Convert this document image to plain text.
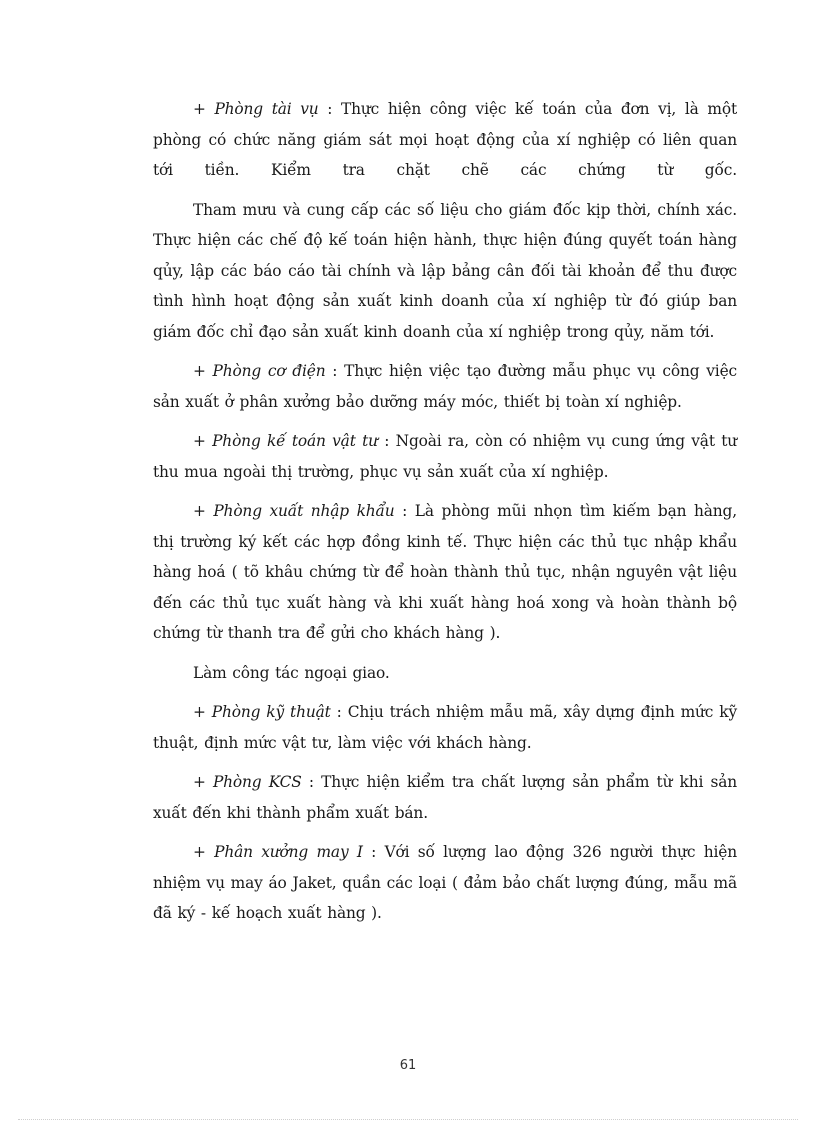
+ Phòng tài vụ : Thực hiện công việc kế toán của đơn vị, là một phòng có chức năng giám sát mọi hoạt động của xí nghiệp có liên quan tới tiền. Kiểm tra chặt chẽ các chứng từ gốc.

Tham mưu và cung cấp các số liệu cho giám đốc kịp thời, chính xác. Thực hiện các chế độ kế toán hiện hành, thực hiện đúng quyết toán hàng qủy, lập các báo cáo tài chính và lập bảng cân đối tài khoản để thu được tình hình hoạt động sản xuất kinh doanh của xí nghiệp từ đó giúp ban giám đốc chỉ đạo sản xuất kinh doanh của xí nghiệp trong qủy, năm tới.

+ Phòng cơ điện : Thực hiện việc tạo đường mẫu phục vụ công việc sản xuất ở phân xưởng bảo dưỡng máy móc, thiết bị toàn xí nghiệp.

+ Phòng kế toán vật tư : Ngoài ra, còn có nhiệm vụ cung ứng vật tư thu mua ngoài thị trường, phục vụ sản xuất của xí nghiệp.

+ Phòng xuất nhập khẩu : Là phòng mũi nhọn tìm kiếm bạn hàng, thị trường ký kết các hợp đồng kinh tế. Thực hiện các thủ tục nhập khẩu hàng hoá ( tõ khâu chứng từ để hoàn thành thủ tục, nhận nguyên vật liệu đến các thủ tục xuất hàng và khi xuất hàng hoá xong và hoàn thành bộ chứng từ thanh tra để gửi cho khách hàng ).

Làm công tác ngoại giao.

+ Phòng kỹ thuật : Chịu trách nhiệm mẫu mã, xây dựng định mức kỹ thuật, định mức vật tư, làm việc với khách hàng.

+ Phòng KCS : Thực hiện kiểm tra chất lượng sản phẩm từ khi sản xuất đến khi thành phẩm xuất bán.

+ Phân xưởng may I : Với số lượng lao động 326 người thực hiện nhiệm vụ may áo Jaket, quần các loại ( đảm bảo chất lượng đúng, mẫu mã đã ký - kế hoạch xuất hàng ).

61
